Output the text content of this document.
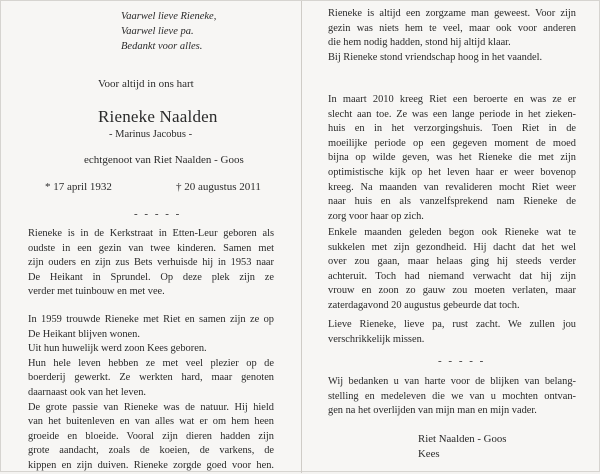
Vaarwel lieve Rieneke,
Vaarwel lieve pa.
Bedankt voor alles.
Voor altijd in ons hart
Rieneke Naalden
- Marinus Jacobus -
echtgenoot van Riet Naalden - Goos
* 17 april 1932	† 20 augustus 2011
- - - - -
Rieneke is in de Kerkstraat in Etten-Leur geboren als
oudste in een gezin van twee kinderen. Samen met
zijn ouders en zijn zus Bets verhuisde hij in 1953 naar
De Heikant in Sprundel. Op deze plek zijn ze
verder met tuinbouw en met vee.
In 1959 trouwde Rieneke met Riet en samen zijn ze op
De Heikant blijven wonen.
Uit hun huwelijk werd zoon Kees geboren.
Hun hele leven hebben ze met veel plezier op de
boerderij gewerkt. Ze werkten hard, maar genoten
daarnaast ook van het leven.
De grote passie van Rieneke was de natuur. Hij hield
van het buitenleven en van alles wat er om hem heen
groeide en bloeide. Vooral zijn dieren hadden zijn
grote aandacht, zoals de koeien, de varkens, de
kippen en zijn duiven. Rieneke zorgde goed voor hen.
Rieneke is altijd een zorgzame man geweest. Voor zijn
gezin was niets hem te veel, maar ook voor anderen
die hem nodig hadden, stond hij altijd klaar.
Bij Rieneke stond vriendschap hoog in het vaandel.
In maart 2010 kreeg Riet een beroerte en was ze er
slecht aan toe. Ze was een lange periode in het zieken-
huis en in het verzorgingshuis. Toen Riet in de
moeilijke periode op een gegeven moment de moed
bijna op wilde geven, was het Rieneke die met zijn
optimistische kijk op het leven haar er weer bovenop
kreeg. Na maanden van revalideren mocht Riet weer
naar huis en als vanzelfsprekend nam Rieneke de
zorg voor haar op zich.
Enkele maanden geleden begon ook Rieneke wat te
sukkelen met zijn gezondheid. Hij dacht dat het wel
over zou gaan, maar helaas ging hij steeds verder
achteruit. Toch had niemand verwacht dat hij zijn
vrouw en zoon zo gauw zou moeten verlaten, maar
zaterdagavond 20 augustus gebeurde dat toch.
Lieve Rieneke, lieve pa, rust zacht. We zullen jou
verschrikkelijk missen.
- - - - -
Wij bedanken u van harte voor de blijken van belang-
stelling en medeleven die we van u mochten ontvan-
gen na het overlijden van mijn man en mijn vader.
Riet Naalden - Goos
Kees
